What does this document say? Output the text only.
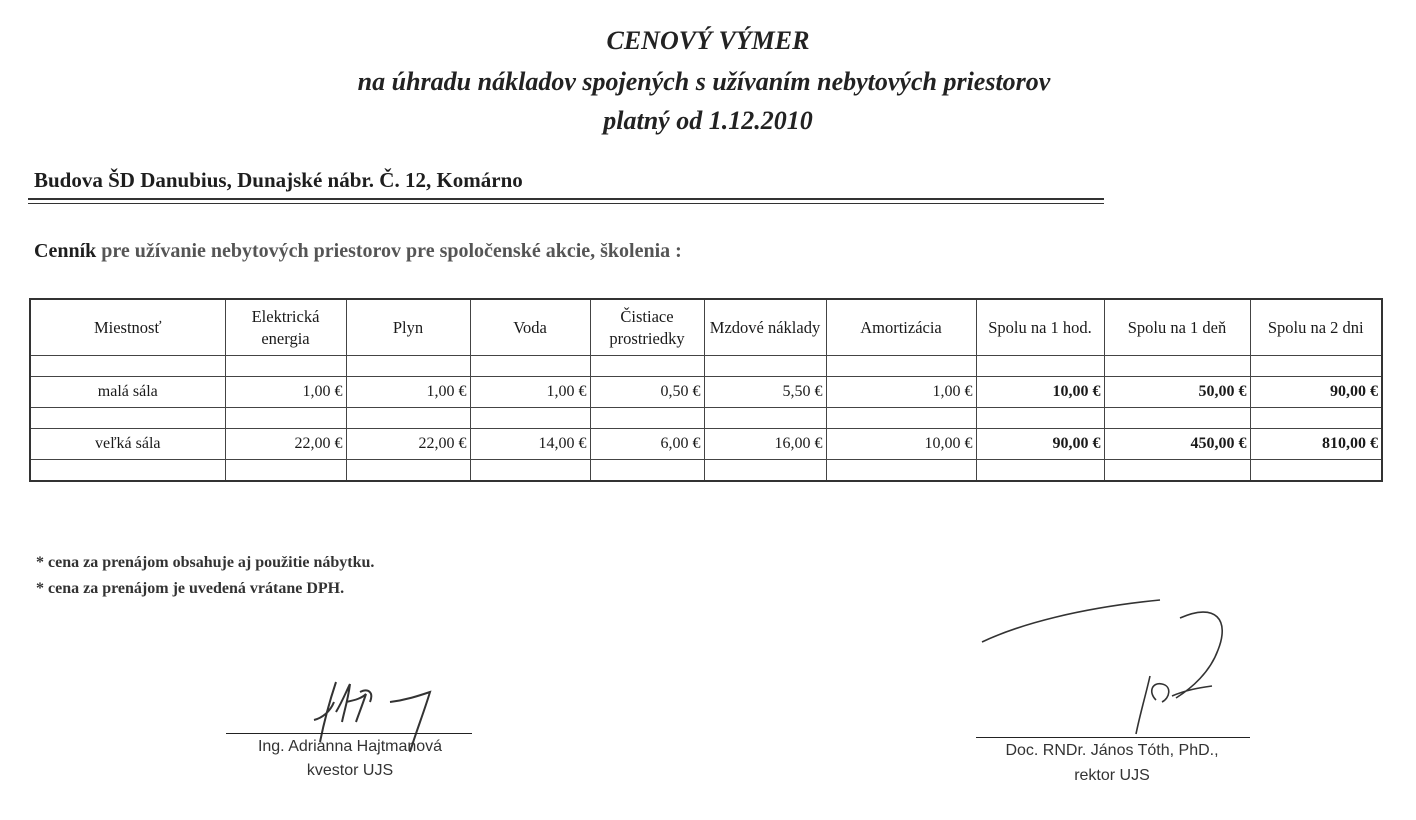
CENOVÝ VÝMER
na úhradu nákladov spojených s užívaním nebytových priestorov
platný od 1.12.2010
Budova ŠD Danubius, Dunajské nábr. Č. 12, Komárno
Cenník pre užívanie nebytových priestorov pre spoločenské akcie, školenia :
Miestnosť	Elektrická energia	Plyn	Voda	Čistiace prostriedky	Mzdové náklady	Amortizácia	Spolu na 1 hod.	Spolu na 1 deň	Spolu na 2 dni

malá sála	1,00 €	1,00 €	1,00 €	0,50 €	5,50 €	1,00 €	10,00 €	50,00 €	90,00 €

veľká sála	22,00 €	22,00 €	14,00 €	6,00 €	16,00 €	10,00 €	90,00 €	450,00 €	810,00 €

* cena za prenájom obsahuje aj použitie nábytku.
* cena za prenájom je uvedená vrátane DPH.
Ing. Adrianna Hajtmanová
kvestor UJS
Doc. RNDr. János Tóth, PhD.,
rektor UJS
